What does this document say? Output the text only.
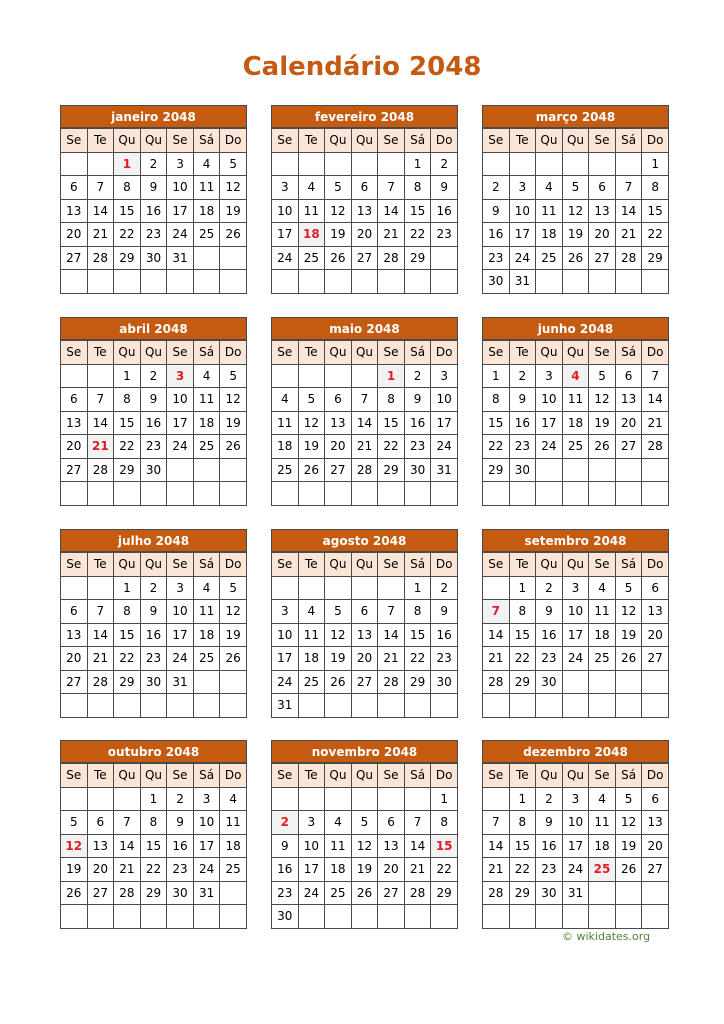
Calendário 2048
janeiro 2048
Se	Te	Qu	Qu	Se	Sá	Do
		1	2	3	4	5
6	7	8	9	10	11	12
13	14	15	16	17	18	19
20	21	22	23	24	25	26
27	28	29	30	31		

fevereiro 2048
Se	Te	Qu	Qu	Se	Sá	Do
					1	2
3	4	5	6	7	8	9
10	11	12	13	14	15	16
17	18	19	20	21	22	23
24	25	26	27	28	29	

março 2048
Se	Te	Qu	Qu	Se	Sá	Do
						1
2	3	4	5	6	7	8
9	10	11	12	13	14	15
16	17	18	19	20	21	22
23	24	25	26	27	28	29
30	31					
abril 2048
Se	Te	Qu	Qu	Se	Sá	Do
		1	2	3	4	5
6	7	8	9	10	11	12
13	14	15	16	17	18	19
20	21	22	23	24	25	26
27	28	29	30			

maio 2048
Se	Te	Qu	Qu	Se	Sá	Do
				1	2	3
4	5	6	7	8	9	10
11	12	13	14	15	16	17
18	19	20	21	22	23	24
25	26	27	28	29	30	31

junho 2048
Se	Te	Qu	Qu	Se	Sá	Do
1	2	3	4	5	6	7
8	9	10	11	12	13	14
15	16	17	18	19	20	21
22	23	24	25	26	27	28
29	30					

julho 2048
Se	Te	Qu	Qu	Se	Sá	Do
		1	2	3	4	5
6	7	8	9	10	11	12
13	14	15	16	17	18	19
20	21	22	23	24	25	26
27	28	29	30	31		

agosto 2048
Se	Te	Qu	Qu	Se	Sá	Do
					1	2
3	4	5	6	7	8	9
10	11	12	13	14	15	16
17	18	19	20	21	22	23
24	25	26	27	28	29	30
31						
setembro 2048
Se	Te	Qu	Qu	Se	Sá	Do
	1	2	3	4	5	6
7	8	9	10	11	12	13
14	15	16	17	18	19	20
21	22	23	24	25	26	27
28	29	30				

outubro 2048
Se	Te	Qu	Qu	Se	Sá	Do
			1	2	3	4
5	6	7	8	9	10	11
12	13	14	15	16	17	18
19	20	21	22	23	24	25
26	27	28	29	30	31	

novembro 2048
Se	Te	Qu	Qu	Se	Sá	Do
						1
2	3	4	5	6	7	8
9	10	11	12	13	14	15
16	17	18	19	20	21	22
23	24	25	26	27	28	29
30						
dezembro 2048
Se	Te	Qu	Qu	Se	Sá	Do
	1	2	3	4	5	6
7	8	9	10	11	12	13
14	15	16	17	18	19	20
21	22	23	24	25	26	27
28	29	30	31			

© wikidates.org
